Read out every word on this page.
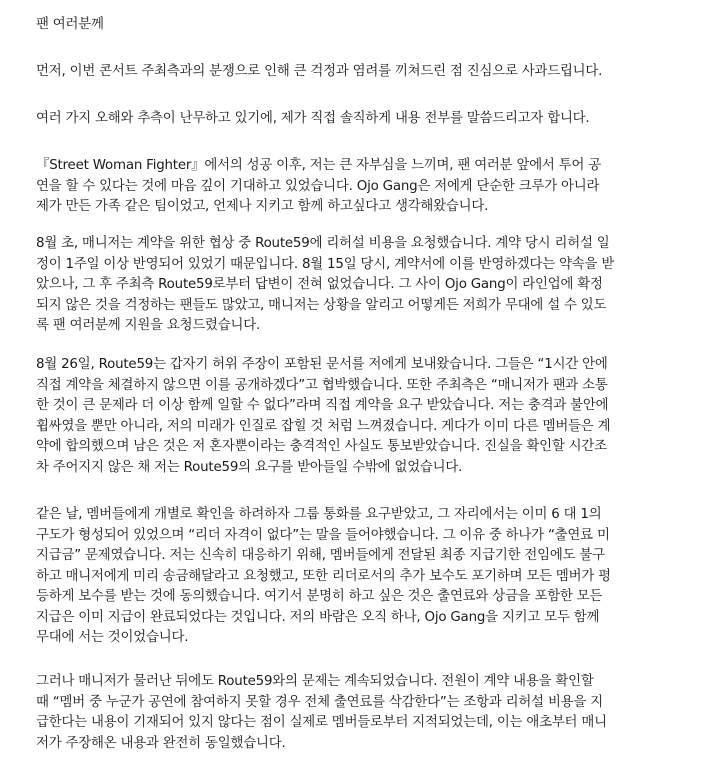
팬 여러분께

먼저, 이번 콘서트 주최측과의 분쟁으로 인해 큰 걱정과 염려를 끼쳐드린 점 진심으로 사과드립니다.

여러 가지 오해와 추측이 난무하고 있기에, 제가 직접 솔직하게 내용 전부를 말씀드리고자 합니다.

『Street Woman Fighter』에서의 성공 이후, 저는 큰 자부심을 느끼며, 팬 여러분 앞에서 투어 공
연을 할 수 있다는 것에 마음 깊이 기대하고 있었습니다. Ojo Gang은 저에게 단순한 크루가 아니라
제가 만든 가족 같은 팀이었고, 언제나 지키고 함께 하고싶다고 생각해왔습니다.

8월 초, 매니저는 계약을 위한 협상 중 Route59에 리허설 비용을 요청했습니다. 계약 당시 리허설 일
정이 1주일 이상 반영되어 있었기 때문입니다. 8월 15일 당시, 계약서에 이를 반영하겠다는 약속을 받
았으나, 그 후 주최측 Route59로부터 답변이 전혀 없었습니다. 그 사이 Ojo Gang이 라인업에 확정
되지 않은 것을 걱정하는 팬들도 많았고, 매니저는 상황을 알리고 어떻게든 저희가 무대에 설 수 있도
록 팬 여러분께 지원을 요청드렸습니다.

8월 26일, Route59는 갑자기 허위 주장이 포함된 문서를 저에게 보내왔습니다. 그들은 “1시간 안에
직접 계약을 체결하지 않으면 이를 공개하겠다”고 협박했습니다. 또한 주최측은 “매니저가 팬과 소통
한 것이 큰 문제라 더 이상 함께 일할 수 없다”라며 직접 계약을 요구 받았습니다. 저는 충격과 불안에
휩싸였을 뿐만 아니라, 저의 미래가 인질로 잡힐 것 처럼 느껴졌습니다. 게다가 이미 다른 멤버들은 계
약에 합의했으며 남은 것은 저 혼자뿐이라는 충격적인 사실도 통보받았습니다. 진실을 확인할 시간조
차 주어지지 않은 채 저는 Route59의 요구를 받아들일 수밖에 없었습니다.

같은 날, 멤버들에게 개별로 확인을 하려하자 그룹 통화를 요구받았고, 그 자리에서는 이미 6 대 1의
구도가 형성되어 있었으며 “리더 자격이 없다”는 말을 들어야했습니다. 그 이유 중 하나가 “출연료 미
지급금” 문제였습니다. 저는 신속히 대응하기 위해, 멤버들에게 전달된 최종 지급기한 전임에도 불구
하고 매니저에게 미리 송금해달라고 요청했고, 또한 리더로서의 추가 보수도 포기하며 모든 멤버가 평
등하게 보수를 받는 것에 동의했습니다. 여기서 분명히 하고 싶은 것은 출연료와 상금을 포함한 모든
지급은 이미 지급이 완료되었다는 것입니다. 저의 바람은 오직 하나, Ojo Gang을 지키고 모두 함께
무대에 서는 것이었습니다.

그러나 매니저가 물러난 뒤에도 Route59와의 문제는 계속되었습니다. 전원이 계약 내용을 확인할
때 “멤버 중 누군가 공연에 참여하지 못할 경우 전체 출연료를 삭감한다”는 조항과 리허설 비용을 지
급한다는 내용이 기재되어 있지 않다는 점이 실제로 멤버들로부터 지적되었는데, 이는 애초부터 매니
저가 주장해온 내용과 완전히 동일했습니다.
